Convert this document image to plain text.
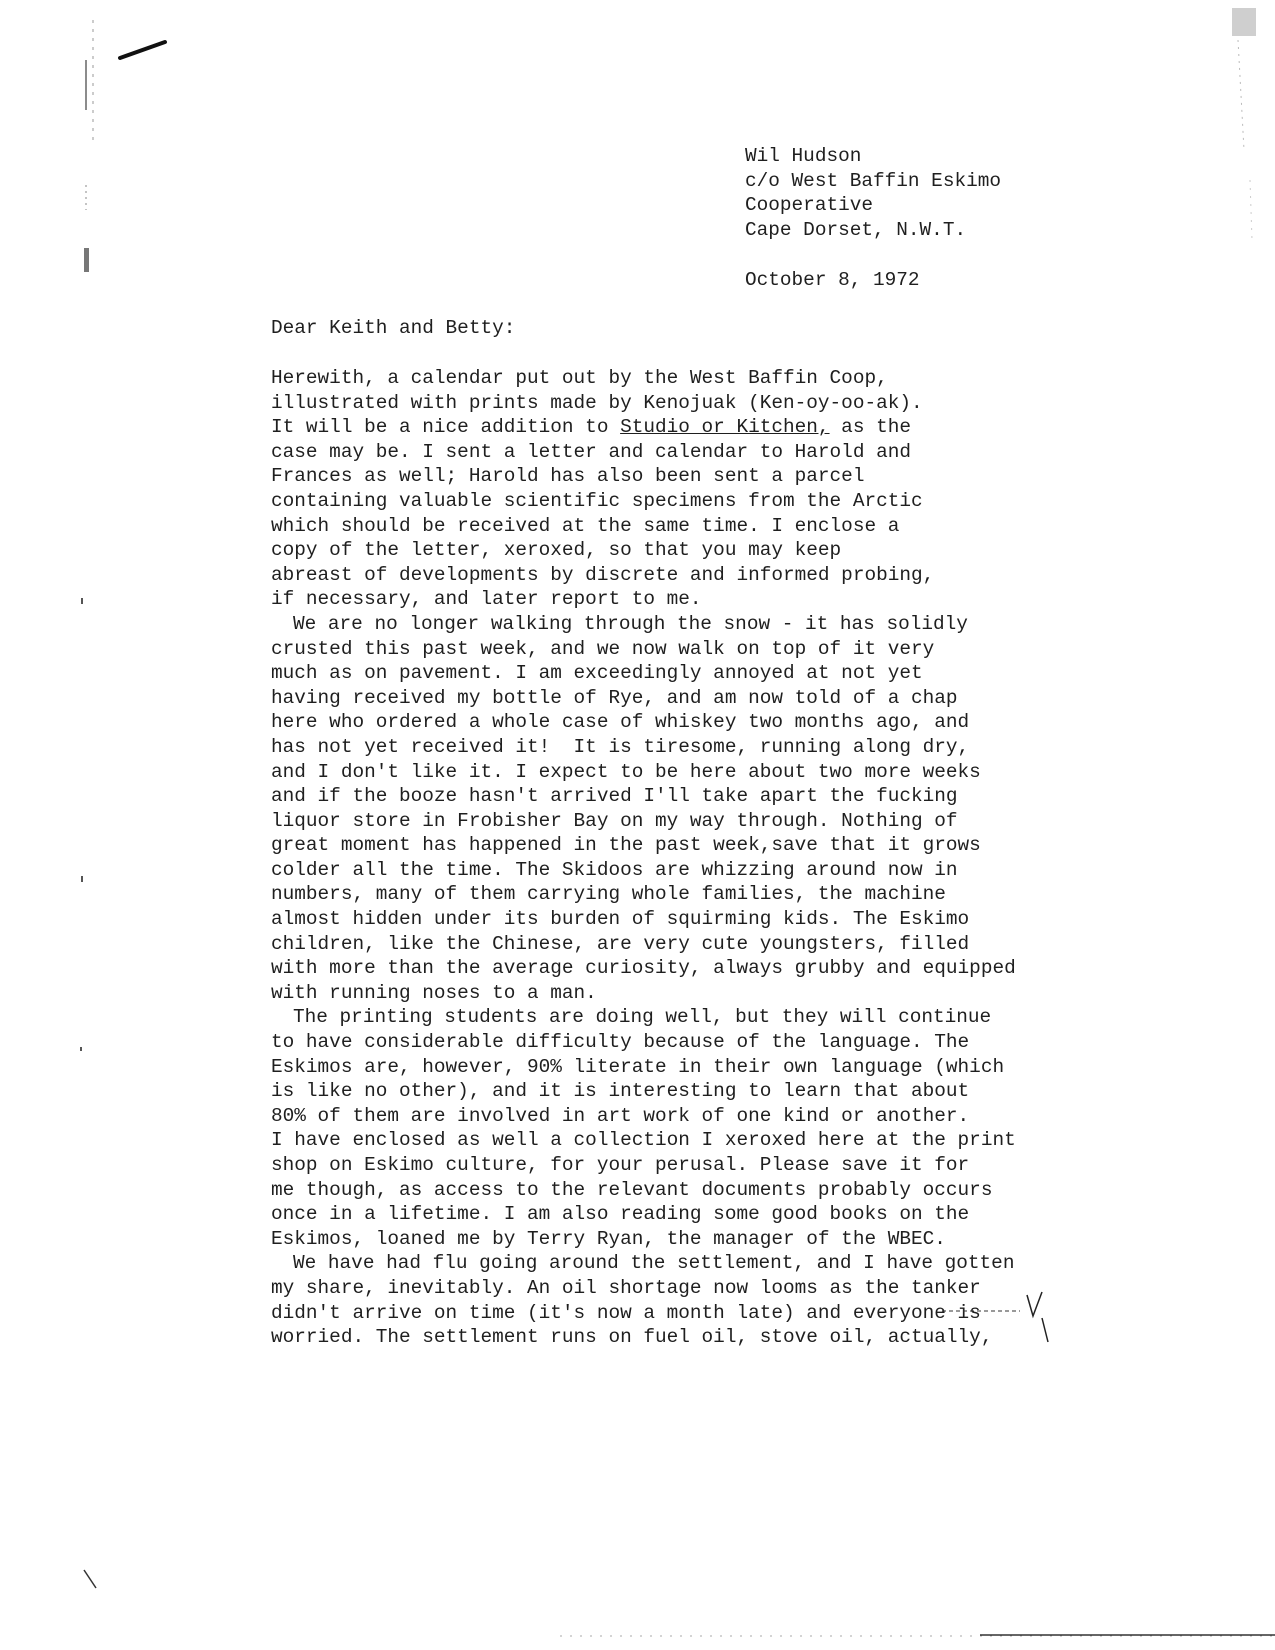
Wil Hudson
c/o West Baffin Eskimo
Cooperative
Cape Dorset, N.W.T.
October 8, 1972
Dear Keith and Betty:
Herewith, a calendar put out by the West Baffin Coop,
illustrated with prints made by Kenojuak (Ken-oy-oo-ak).
It will be a nice addition to Studio or Kitchen, as the
case may be. I sent a letter and calendar to Harold and
Frances as well; Harold has also been sent a parcel
containing valuable scientific specimens from the Arctic
which should be received at the same time. I enclose a
copy of the letter, xeroxed, so that you may keep
abreast of developments by discrete and informed probing,
if necessary, and later report to me.
We are no longer walking through the snow - it has solidly
crusted this past week, and we now walk on top of it very
much as on pavement. I am exceedingly annoyed at not yet
having received my bottle of Rye, and am now told of a chap
here who ordered a whole case of whiskey two months ago, and
has not yet received it!  It is tiresome, running along dry,
and I don't like it. I expect to be here about two more weeks
and if the booze hasn't arrived I'll take apart the fucking
liquor store in Frobisher Bay on my way through. Nothing of
great moment has happened in the past week,save that it grows
colder all the time. The Skidoos are whizzing around now in
numbers, many of them carrying whole families, the machine
almost hidden under its burden of squirming kids. The Eskimo
children, like the Chinese, are very cute youngsters, filled
with more than the average curiosity, always grubby and equipped
with running noses to a man.
The printing students are doing well, but they will continue
to have considerable difficulty because of the language. The
Eskimos are, however, 90% literate in their own language (which
is like no other), and it is interesting to learn that about
80% of them are involved in art work of one kind or another.
I have enclosed as well a collection I xeroxed here at the print
shop on Eskimo culture, for your perusal. Please save it for
me though, as access to the relevant documents probably occurs
once in a lifetime. I am also reading some good books on the
Eskimos, loaned me by Terry Ryan, the manager of the WBEC.
We have had flu going around the settlement, and I have gotten
my share, inevitably. An oil shortage now looms as the tanker
didn't arrive on time (it's now a month late) and everyone is
worried. The settlement runs on fuel oil, stove oil, actually,
